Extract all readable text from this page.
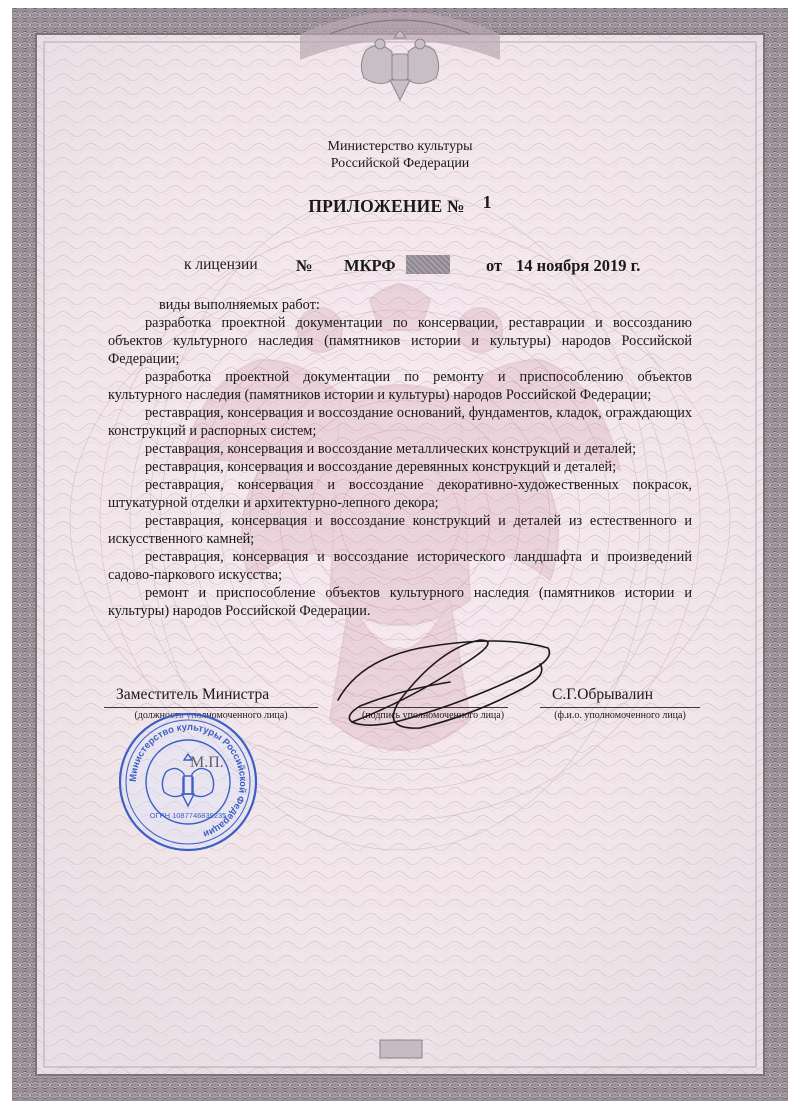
Министерство культуры
Российской Федерации
ПРИЛОЖЕНИЕ № 1
к лицензии № МКРФ	от 14 ноября 2019 г.

виды выполняемых работ:

разработка проектной документации по консервации, реставрации и воссозданию объектов культурного наследия (памятников истории и культуры) народов Российской Федерации;

разработка проектной документации по ремонту и приспособлению объектов культурного наследия (памятников истории и культуры) народов Российской Федерации;

реставрация, консервация и воссоздание оснований, фундаментов, кладок, ограждающих конструкций и распорных систем;

реставрация, консервация и воссоздание металлических конструкций и деталей;

реставрация, консервация и воссоздание деревянных конструкций и деталей;

реставрация, консервация и воссоздание декоративно-художественных покрасок, штукатурной отделки и архитектурно-лепного декора;

реставрация, консервация и воссоздание конструкций и деталей из естественного и искусственного камней;

реставрация, консервация и воссоздание исторического ландшафта и произведений садово-паркового искусства;

ремонт и приспособление объектов культурного наследия (памятников истории и культуры) народов Российской Федерации.

Заместитель Министра
(должность уполномоченного лица)	(подпись уполномоченного лица)
С.Г.Обрывалин
(ф.и.о. уполномоченного лица)
М.П.
Министерство культуры Российской Федерации
ОГРН 1087746839235
